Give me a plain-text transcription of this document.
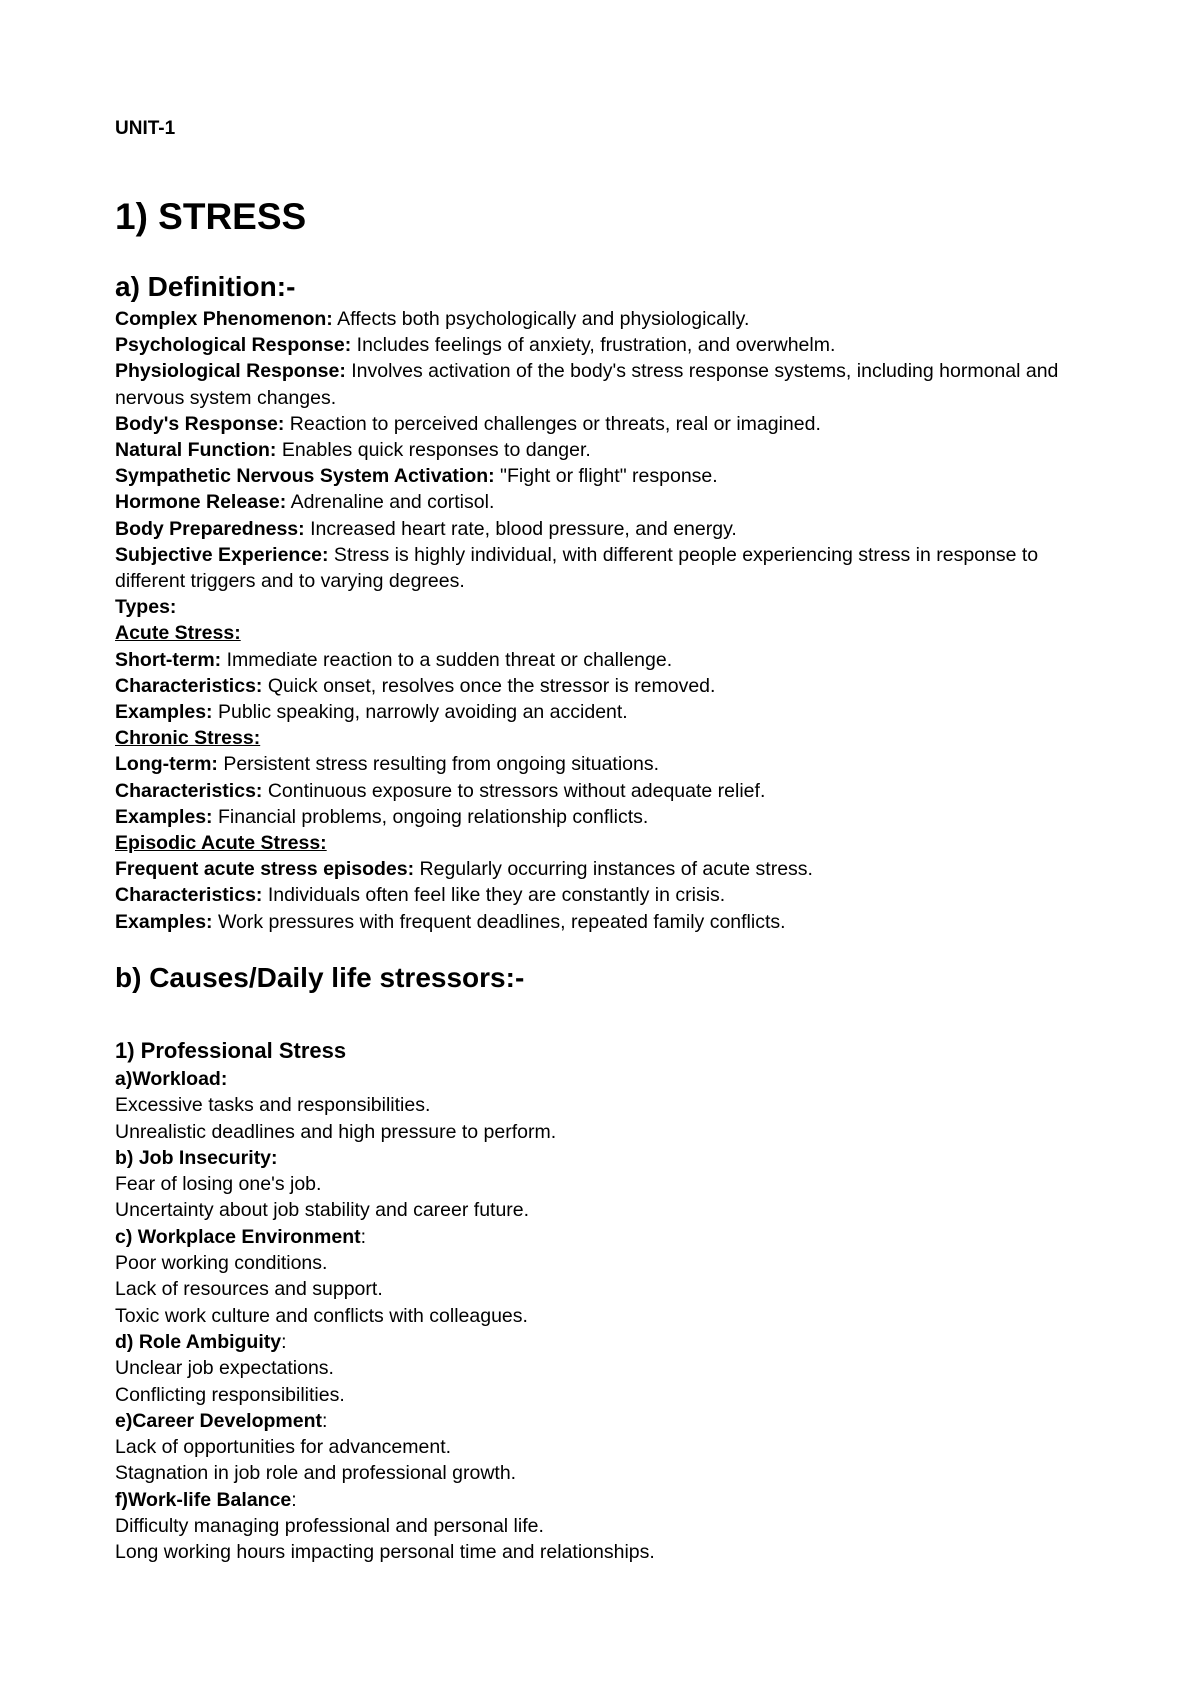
UNIT-1

1) STRESS
a) Definition:-
Complex Phenomenon: Affects both psychologically and physiologically.
Psychological Response: Includes feelings of anxiety, frustration, and overwhelm.
Physiological Response: Involves activation of the body's stress response systems, including hormonal and nervous system changes.
Body's Response: Reaction to perceived challenges or threats, real or imagined.
Natural Function: Enables quick responses to danger.
Sympathetic Nervous System Activation: "Fight or flight" response.
Hormone Release: Adrenaline and cortisol.
Body Preparedness: Increased heart rate, blood pressure, and energy.
Subjective Experience: Stress is highly individual, with different people experiencing stress in response to different triggers and to varying degrees.
Types:
Acute Stress:
Short-term: Immediate reaction to a sudden threat or challenge.
Characteristics: Quick onset, resolves once the stressor is removed.
Examples: Public speaking, narrowly avoiding an accident.
Chronic Stress:
Long-term: Persistent stress resulting from ongoing situations.
Characteristics: Continuous exposure to stressors without adequate relief.
Examples: Financial problems, ongoing relationship conflicts.
Episodic Acute Stress:
Frequent acute stress episodes: Regularly occurring instances of acute stress.
Characteristics: Individuals often feel like they are constantly in crisis.
Examples: Work pressures with frequent deadlines, repeated family conflicts.
b) Causes/Daily life stressors:-
1) Professional Stress
a)Workload:
Excessive tasks and responsibilities.
Unrealistic deadlines and high pressure to perform.
b) Job Insecurity:
Fear of losing one's job.
Uncertainty about job stability and career future.
c) Workplace Environment:
Poor working conditions.
Lack of resources and support.
Toxic work culture and conflicts with colleagues.
d) Role Ambiguity:
Unclear job expectations.
Conflicting responsibilities.
e)Career Development:
Lack of opportunities for advancement.
Stagnation in job role and professional growth.
f)Work-life Balance:
Difficulty managing professional and personal life.
Long working hours impacting personal time and relationships.
